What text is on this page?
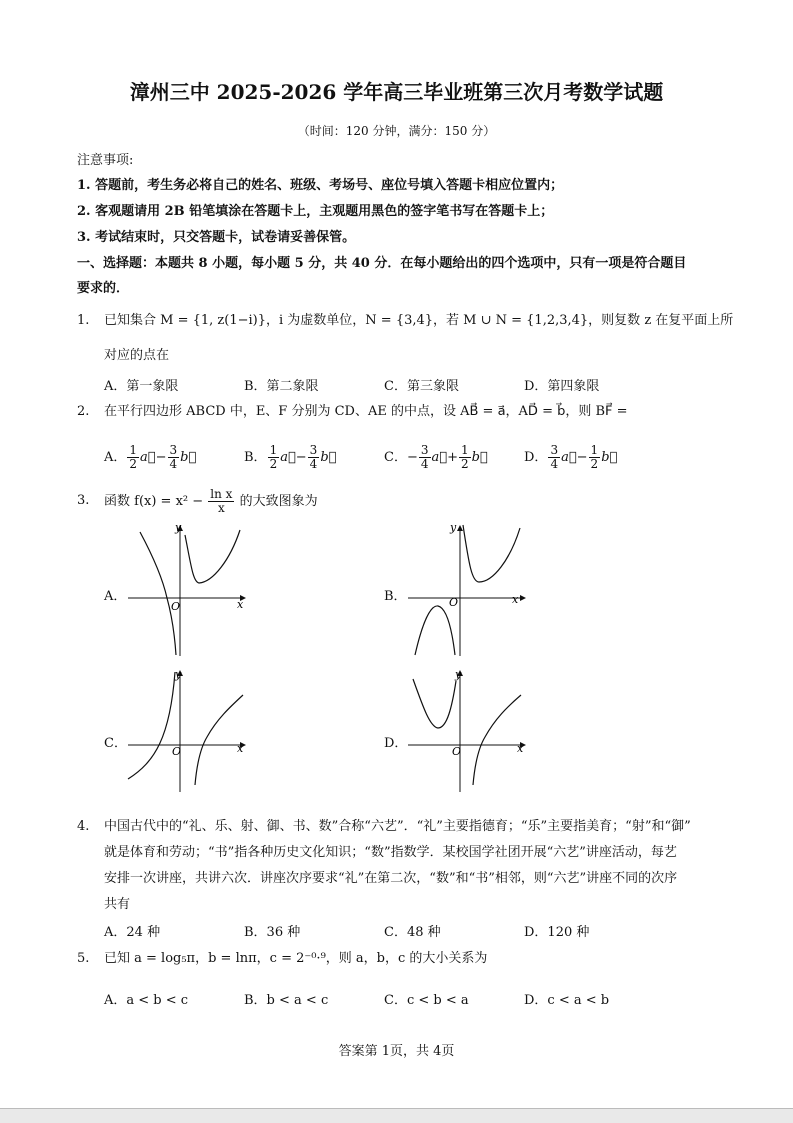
漳州三中 2025-2026 学年高三毕业班第三次月考数学试题
（时间：120 分钟，满分：150 分）
注意事项:
1. 答题前，考生务必将自己的姓名、班级、考场号、座位号填入答题卡相应位置内；
2. 客观题请用 2B 铅笔填涂在答题卡上，主观题用黑色的签字笔书写在答题卡上；
3. 考试结束时，只交答题卡，试卷请妥善保管。
一、选择题：本题共 8 小题，每小题 5 分，共 40 分．在每小题给出的四个选项中，只有一项是符合题目
要求的．
1. 已知集合 M = {1, z(1−i)}，i 为虚数单位，N = {3,4}，若 M ∪ N = {1,2,3,4}，则复数 z 在复平面上所
对应的点在
A．第一象限	B．第二象限	C．第三象限	D．第四象限
2. 在平行四边形 ABCD 中，E、F 分别为 CD、AE 的中点，设 AB⃗ = a⃗，AD⃗ = b⃗，则 BF⃗ =
A． $\frac{1}{2}$ a⃗− $\frac{3}{4}$ b⃗	B． $\frac{1}{2}$ a⃗− $\frac{3}{4}$ b⃗	C．− $\frac{3}{4}$ a⃗+ $\frac{1}{2}$ b⃗	D． $\frac{3}{4}$ a⃗− $\frac{1}{2}$ b⃗
3. 函数 $f(x) = x^2 - \frac{\text{ln x}}{x}$ 的大致图象为
A．	B．
C．	D．
y
x
O
y
x
O
y
x
O
y
x
O
4. 中国古代中的“礼、乐、射、御、书、数”合称“六艺”．“礼”主要指德育；“乐”主要指美育；“射”和“御”
就是体育和劳动；“书”指各种历史文化知识；“数”指数学．某校国学社团开展“六艺”讲座活动，每艺
安排一次讲座，共讲六次．讲座次序要求“礼”在第二次，“数”和“书”相邻，则“六艺”讲座不同的次序
共有
A．24 种	B．36 种	C．48 种	D．120 种
5. 已知 a = log₅π，b = lnπ，c = 2⁻⁰·⁹，则 a，b，c 的大小关系为
A．a < b < c	B．b < a < c	C．c < b < a	D．c < a < b
答案第 1页，共 4页
